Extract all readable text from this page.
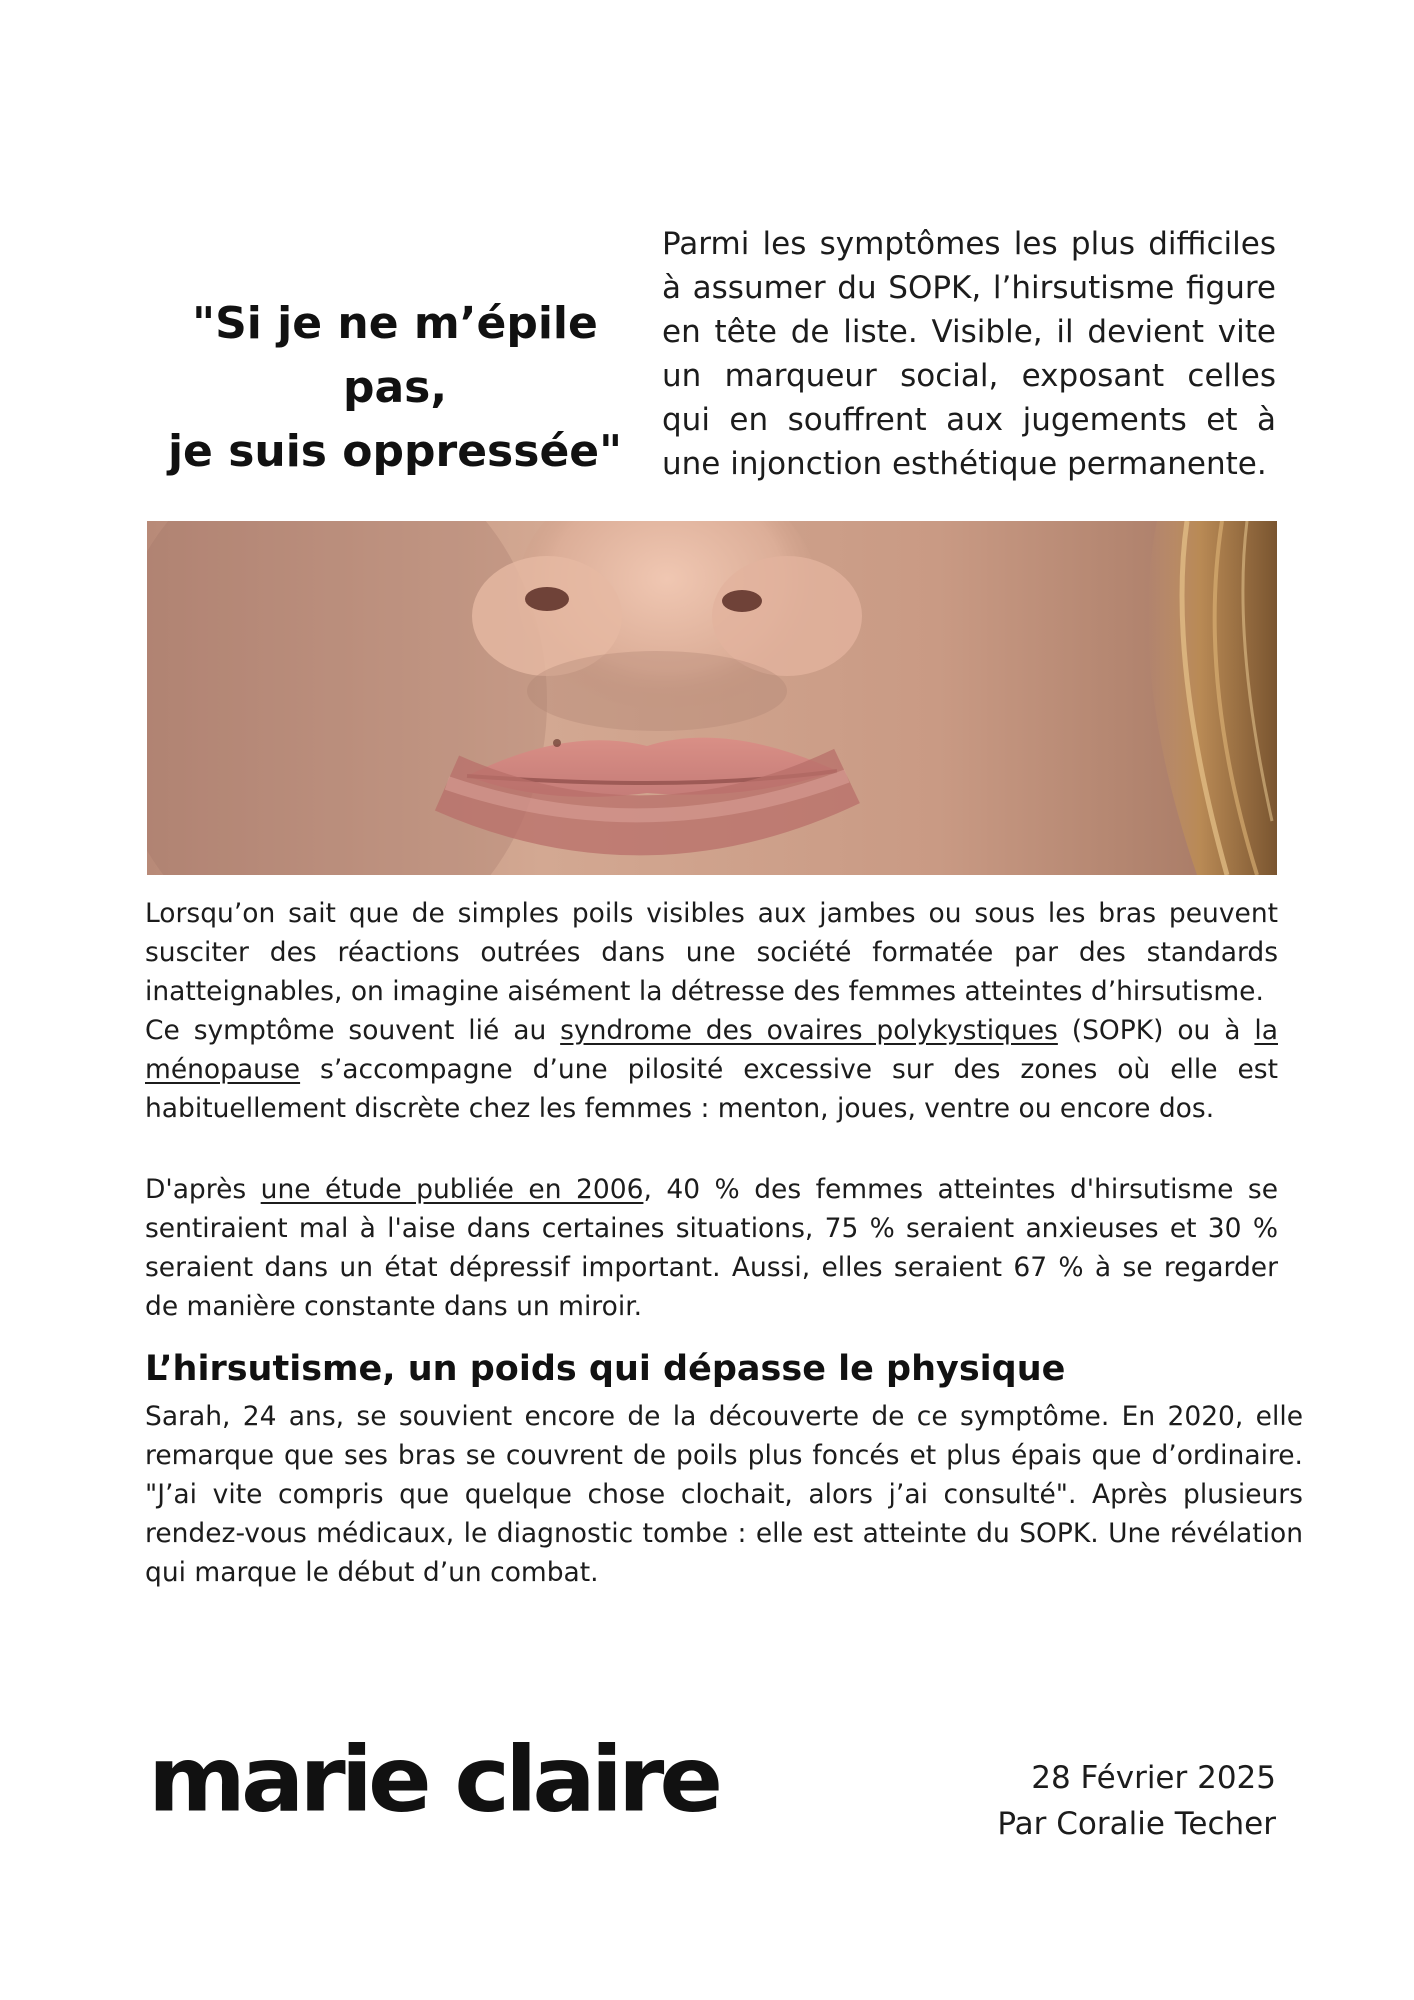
"Si je ne m’épile pas,
je suis oppressée"
Parmi les symptômes les plus difficiles à assumer du SOPK, l’hirsutisme figure en tête de liste. Visible, il devient vite un marqueur social, exposant celles qui en souffrent aux jugements et à une injonction esthétique permanente.

Lorsqu’on sait que de simples poils visibles aux jambes ou sous les bras peuvent susciter des réactions outrées dans une société formatée par des standards inatteignables, on imagine aisément la détresse des femmes atteintes d’hirsutisme.

Ce symptôme souvent lié au syndrome des ovaires polykystiques (SOPK) ou à la ménopause s’accompagne d’une pilosité excessive sur des zones où elle est habituellement discrète chez les femmes : menton, joues, ventre ou encore dos.

D'après une étude publiée en 2006, 40 % des femmes atteintes d'hirsutisme se sentiraient mal à l'aise dans certaines situations, 75 % seraient anxieuses et 30 % seraient dans un état dépressif important. Aussi, elles seraient 67 % à se regarder de manière constante dans un miroir.

L’hirsutisme, un poids qui dépasse le physique
Sarah, 24 ans, se souvient encore de la découverte de ce symptôme. En 2020, elle remarque que ses bras se couvrent de poils plus foncés et plus épais que d’ordinaire. "J’ai vite compris que quelque chose clochait, alors j’ai consulté". Après plusieurs rendez-vous médicaux, le diagnostic tombe : elle est atteinte du SOPK. Une révélation qui marque le début d’un combat.
marie claire	28 Février 2025
Par Coralie Techer
